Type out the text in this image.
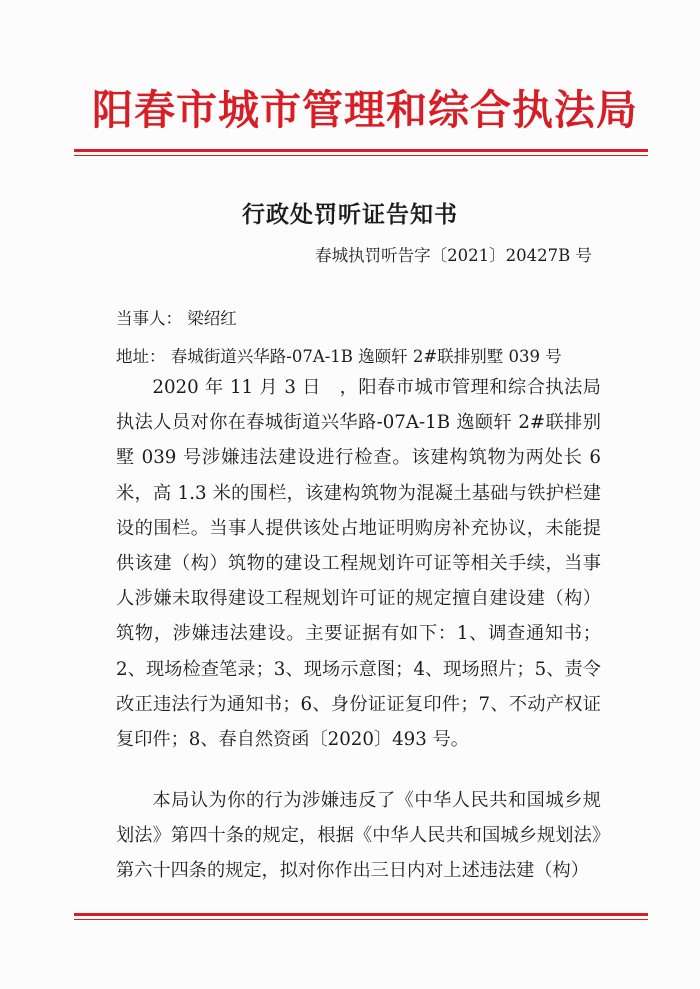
阳春市城市管理和综合执法局
行政处罚听证告知书
春城执罚听告字〔2021〕20427B 号
当事人： 梁绍红
地址： 春城街道兴华路-07A-1B 逸颐轩 2#联排别墅 039 号
2020 年 11 月 3 日　，阳春市城市管理和综合执法局执法人员对你在春城街道兴华路-07A-1B 逸颐轩 2#联排别墅 039 号涉嫌违法建设进行检查。该建构筑物为两处长 6 米，高 1.3 米的围栏，该建构筑物为混凝土基础与铁护栏建设的围栏。当事人提供该处占地证明购房补充协议，未能提供该建（构）筑物的建设工程规划许可证等相关手续，当事人涉嫌未取得建设工程规划许可证的规定擅自建设建（构）筑物，涉嫌违法建设。主要证据有如下：1、调查通知书；2、现场检查笔录；3、现场示意图；4、现场照片；5、责令改正违法行为通知书；6、身份证证复印件；7、不动产权证复印件；8、春自然资函〔2020〕493 号。
本局认为你的行为涉嫌违反了《中华人民共和国城乡规划法》第四十条的规定，根据《中华人民共和国城乡规划法》第六十四条的规定，拟对你作出三日内对上述违法建（构）
